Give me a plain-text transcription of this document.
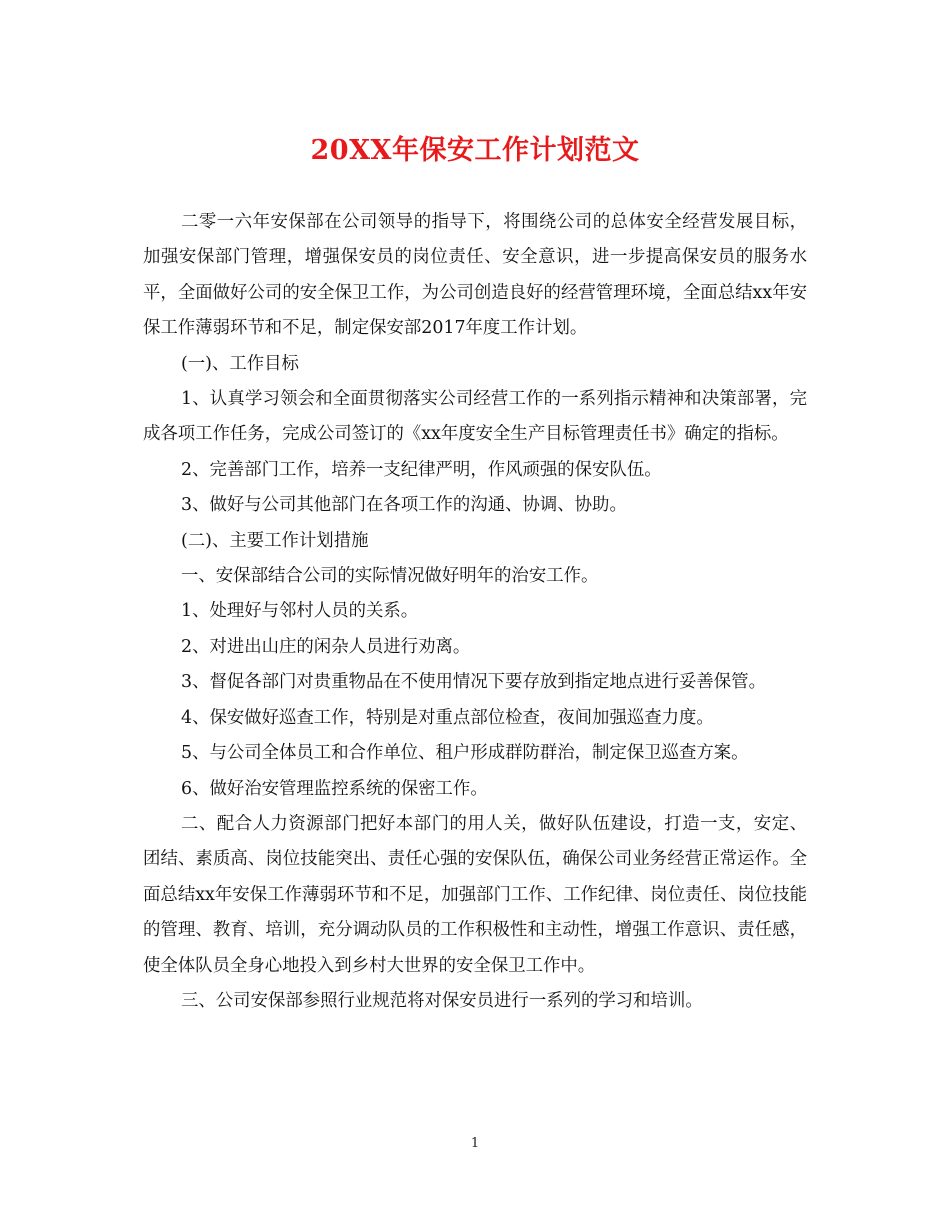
20XX年保安工作计划范文

二零一六年安保部在公司领导的指导下，将围绕公司的总体安全经营发展目标，加强安保部门管理，增强保安员的岗位责任、安全意识，进一步提高保安员的服务水平，全面做好公司的安全保卫工作，为公司创造良好的经营管理环境，全面总结xx年安保工作薄弱环节和不足，制定保安部2017年度工作计划。

(一)、工作目标

1、认真学习领会和全面贯彻落实公司经营工作的一系列指示精神和决策部署，完成各项工作任务，完成公司签订的《xx年度安全生产目标管理责任书》确定的指标。

2、完善部门工作，培养一支纪律严明，作风顽强的保安队伍。

3、做好与公司其他部门在各项工作的沟通、协调、协助。

(二)、主要工作计划措施

一、安保部结合公司的实际情况做好明年的治安工作。

1、处理好与邻村人员的关系。

2、对进出山庄的闲杂人员进行劝离。

3、督促各部门对贵重物品在不使用情况下要存放到指定地点进行妥善保管。

4、保安做好巡查工作，特别是对重点部位检查，夜间加强巡查力度。

5、与公司全体员工和合作单位、租户形成群防群治，制定保卫巡查方案。

6、做好治安管理监控系统的保密工作。

二、配合人力资源部门把好本部门的用人关，做好队伍建设，打造一支，安定、团结、素质高、岗位技能突出、责任心强的安保队伍，确保公司业务经营正常运作。全面总结xx年安保工作薄弱环节和不足，加强部门工作、工作纪律、岗位责任、岗位技能的管理、教育、培训，充分调动队员的工作积极性和主动性，增强工作意识、责任感，使全体队员全身心地投入到乡村大世界的安全保卫工作中。

三、公司安保部参照行业规范将对保安员进行一系列的学习和培训。

1
